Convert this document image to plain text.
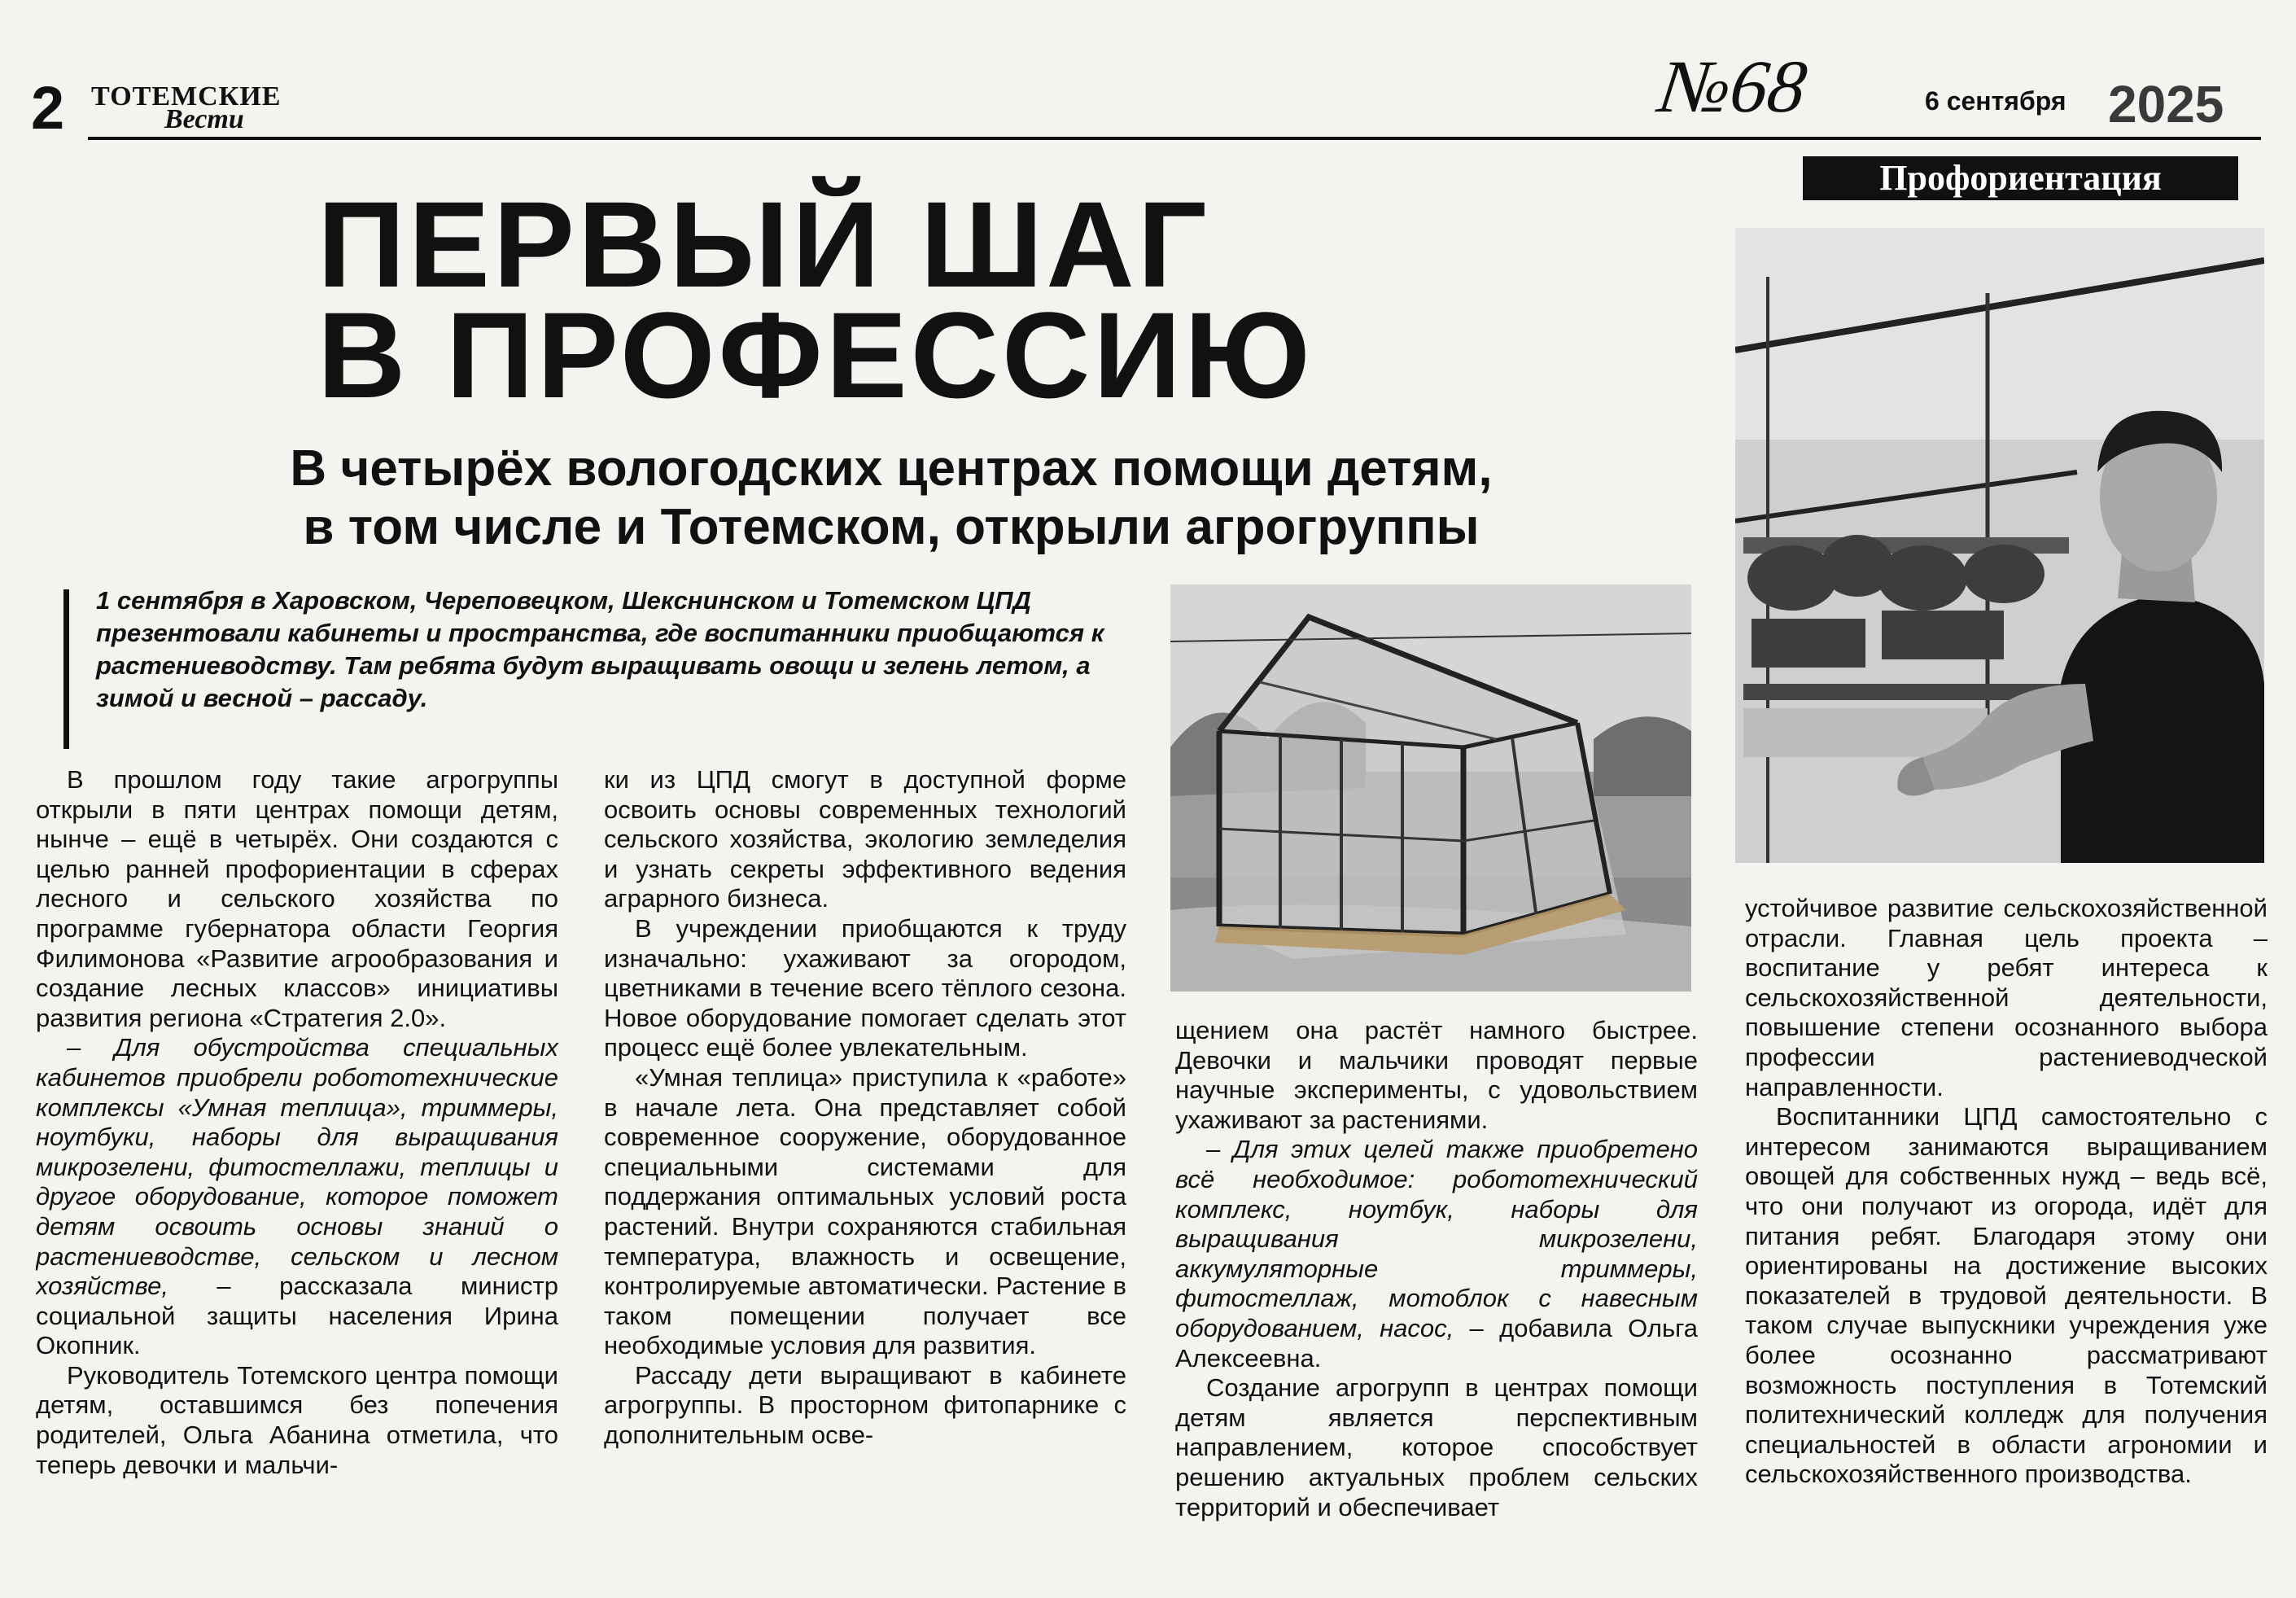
2 ТОТЕМСКИЕ
Вести	№68	6 сентября 2025
Профориентация
ПЕРВЫЙ ШАГ
В ПРОФЕССИЮ
В четырёх вологодских центрах помощи детям,
в том числе и Тотемском, открыли агрогруппы
1 сентября в Харовском, Череповецком, Шекснинском и Тотемском ЦПД презентовали кабинеты и пространства, где воспитанники приобщаются к растениеводству. Там ребята будут выращивать овощи и зелень летом, а зимой и весной – рассаду.

В прошлом году такие агрогруппы открыли в пяти центрах помощи детям, нынче – ещё в четырёх. Они создаются с целью ранней профориентации в сферах лесного и сельского хозяйства по программе губернатора области Георгия Филимонова «Развитие агрообразования и создание лесных классов» инициативы развития региона «Стратегия 2.0».

– Для обустройства специальных кабинетов приобрели робототехнические комплексы «Умная теплица», триммеры, ноутбуки, наборы для выращивания микрозелени, фитостеллажи, теплицы и другое оборудование, которое поможет детям освоить основы знаний о растениеводстве, сельском и лесном хозяйстве, – рассказала министр социальной защиты населения Ирина Окопник.

Руководитель Тотемского центра помощи детям, оставшимся без попечения родителей, Ольга Абанина отметила, что теперь девочки и мальчи-

ки из ЦПД смогут в доступной форме освоить основы современных технологий сельского хозяйства, экологию земледелия и узнать секреты эффективного ведения аграрного бизнеса.

В учреждении приобщаются к труду изначально: ухаживают за огородом, цветниками в течение всего тёплого сезона. Новое оборудование помогает сделать этот процесс ещё более увлекательным.

«Умная теплица» приступила к «работе» в начале лета. Она представляет собой современное сооружение, оборудованное специальными системами для поддержания оптимальных условий роста растений. Внутри сохраняются стабильная температура, влажность и освещение, контролируемые автоматически. Растение в таком помещении получает все необходимые условия для развития.

Рассаду дети выращивают в кабинете агрогруппы. В просторном фитопарнике с дополнительным осве-

щением она растёт намного быстрее. Девочки и мальчики проводят первые научные эксперименты, с удовольствием ухаживают за растениями.

– Для этих целей также приобретено всё необходимое: робототехнический комплекс, ноутбук, наборы для выращивания микрозелени, аккумуляторные триммеры, фитостеллаж, мотоблок с навесным оборудованием, насос, – добавила Ольга Алексеевна.

Создание агрогрупп в центрах помощи детям является перспективным направлением, которое способствует решению актуальных проблем сельских территорий и обеспечивает

устойчивое развитие сельскохозяйственной отрасли. Главная цель проекта – воспитание у ребят интереса к сельскохозяйственной деятельности, повышение степени осознанного выбора профессии растениеводческой направленности.

Воспитанники ЦПД самостоятельно с интересом занимаются выращиванием овощей для собственных нужд – ведь всё, что они получают из огорода, идёт для питания ребят. Благодаря этому они ориентированы на достижение высоких показателей в трудовой деятельности. В таком случае выпускники учреждения уже более осознанно рассматривают возможность поступления в Тотемский политехнический колледж для получения специальностей в области агрономии и сельскохозяйственного производства.
